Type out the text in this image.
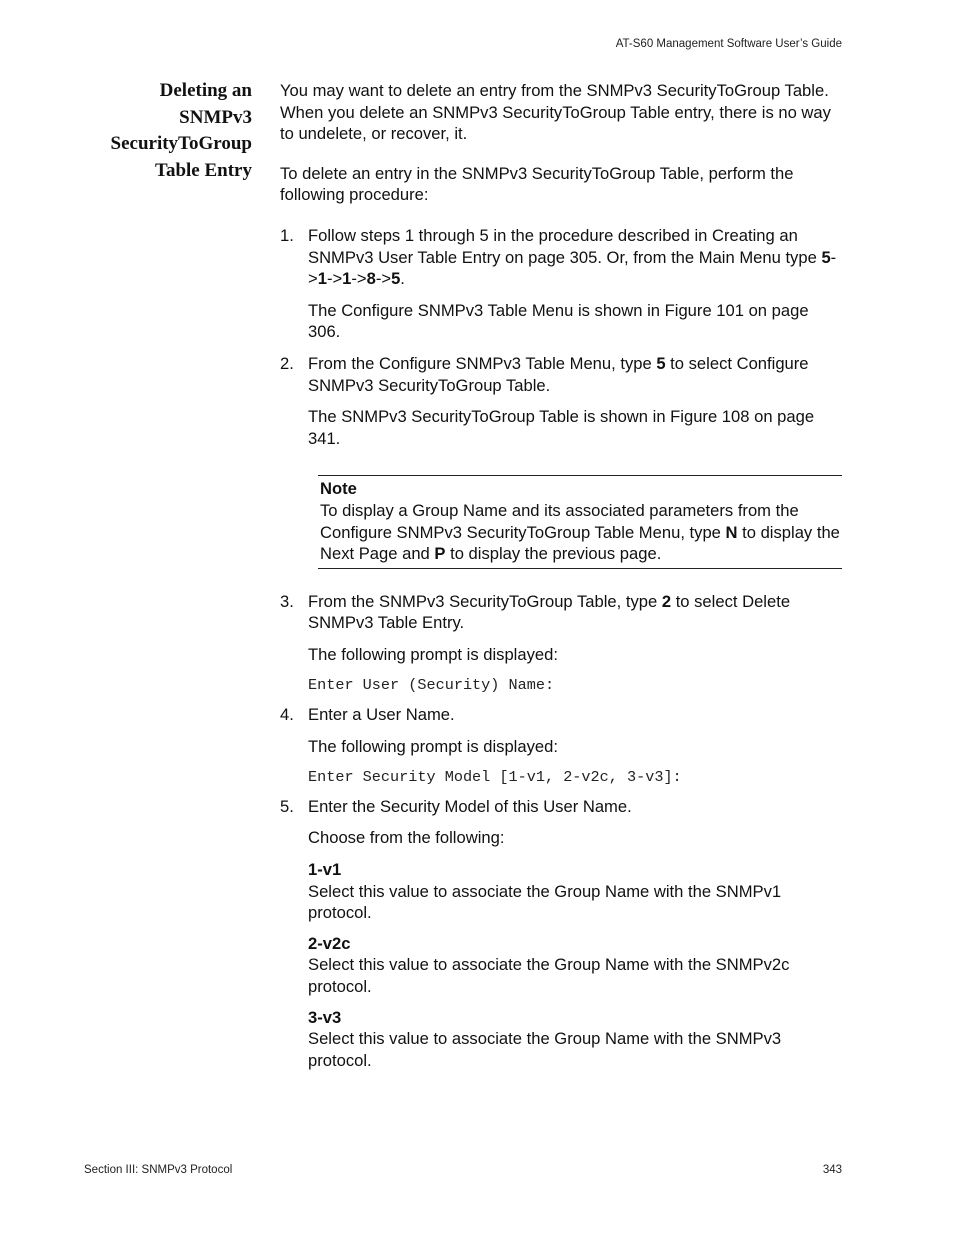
AT-S60 Management Software User’s Guide
Deleting an
SNMPv3
SecurityToGroup
Table Entry

You may want to delete an entry from the SNMPv3 SecurityToGroup Table. When you delete an SNMPv3 SecurityToGroup Table entry, there is no way to undelete, or recover, it.

To delete an entry in the SNMPv3 SecurityToGroup Table, perform the following procedure:

1. Follow steps 1 through 5 in the procedure described in Creating an SNMPv3 User Table Entry on page 305. Or, from the Main Menu type 5->1->1->8->5.

The Configure SNMPv3 Table Menu is shown in Figure 101 on page 306.

2. From the Configure SNMPv3 Table Menu, type 5 to select Configure SNMPv3 SecurityToGroup Table.

The SNMPv3 SecurityToGroup Table is shown in Figure 108 on page 341.

Note

To display a Group Name and its associated parameters from the Configure SNMPv3 SecurityToGroup Table Menu, type N to display the Next Page and P to display the previous page.

3. From the SNMPv3 SecurityToGroup Table, type 2 to select Delete SNMPv3 Table Entry.

The following prompt is displayed:

Enter User (Security) Name:
4. Enter a User Name.

The following prompt is displayed:

Enter Security Model [1-v1, 2-v2c, 3-v3]:
5. Enter the Security Model of this User Name.

Choose from the following:

1-v1

Select this value to associate the Group Name with the SNMPv1 protocol.

2-v2c

Select this value to associate the Group Name with the SNMPv2c protocol.

3-v3

Select this value to associate the Group Name with the SNMPv3 protocol.

Section III: SNMPv3 Protocol	343
